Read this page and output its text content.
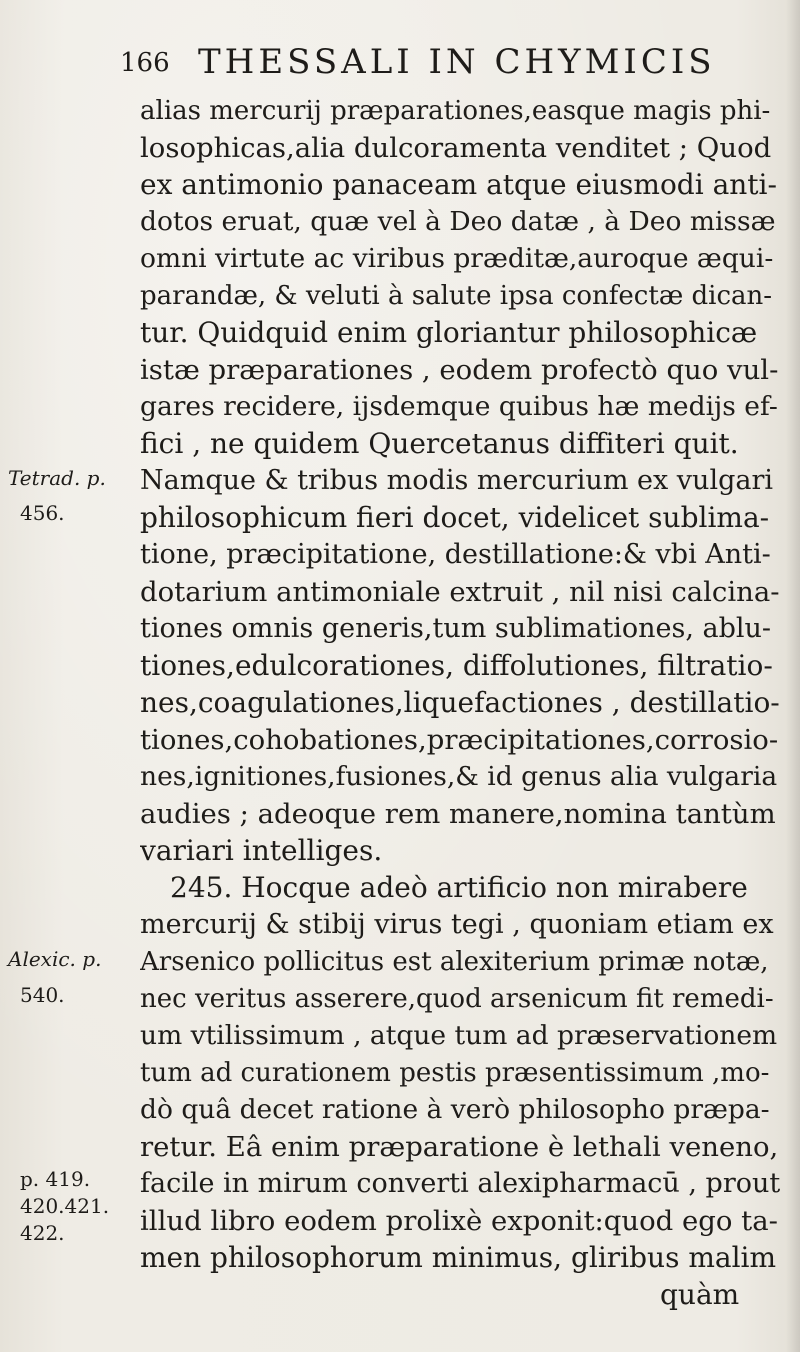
166 THESSALI IN CHYMICIS
alias mercurij præparationes,easque magis phi-
losophicas,alia dulcoramenta venditet ; Quod
ex antimonio panaceam atque eiusmodi anti-
dotos eruat, quæ vel à Deo datæ , à Deo missæ
omni virtute ac viribus præditæ,auroque æqui-
parandæ, & veluti à salute ipsa confectæ dican-
tur. Quidquid enim gloriantur philosophicæ
istæ præparationes , eodem profectò quo vul-
gares recidere, ijsdemque quibus hæ medijs ef-
fici , ne quidem Quercetanus diffiteri quit.
Namque & tribus modis mercurium ex vulgari
philosophicum fieri docet, videlicet sublima-
tione, præcipitatione, destillatione:& vbi Anti-
dotarium antimoniale extruit , nil nisi calcina-
tiones omnis generis,tum sublimationes, ablu-
tiones,edulcorationes, diffolutiones, filtratio-
nes,coagulationes,liquefactiones , destillatio-
tiones,cohobationes,præcipitationes,corrosio-
nes,ignitiones,fusiones,& id genus alia vulgaria
audies ; adeoque rem manere,nomina tantùm
variari intelliges.
245. Hocque adeò artificio non mirabere
mercurij & stibij virus tegi , quoniam etiam ex
Arsenico pollicitus est alexiterium primæ notæ,
nec veritus asserere,quod arsenicum fit remedi-
um vtilissimum , atque tum ad præservationem
tum ad curationem pestis præsentissimum ,mo-
dò quâ decet ratione à verò philosopho præpa-
retur. Eâ enim præparatione è lethali veneno,
facile in mirum converti alexipharmacū , prout
illud libro eodem prolixè exponit:quod ego ta-
men philosophorum minimus, gliribus malim
quàm
Tetrad. p.
456.
Alexic. p.
540.
p. 419.
420.421.
422.
